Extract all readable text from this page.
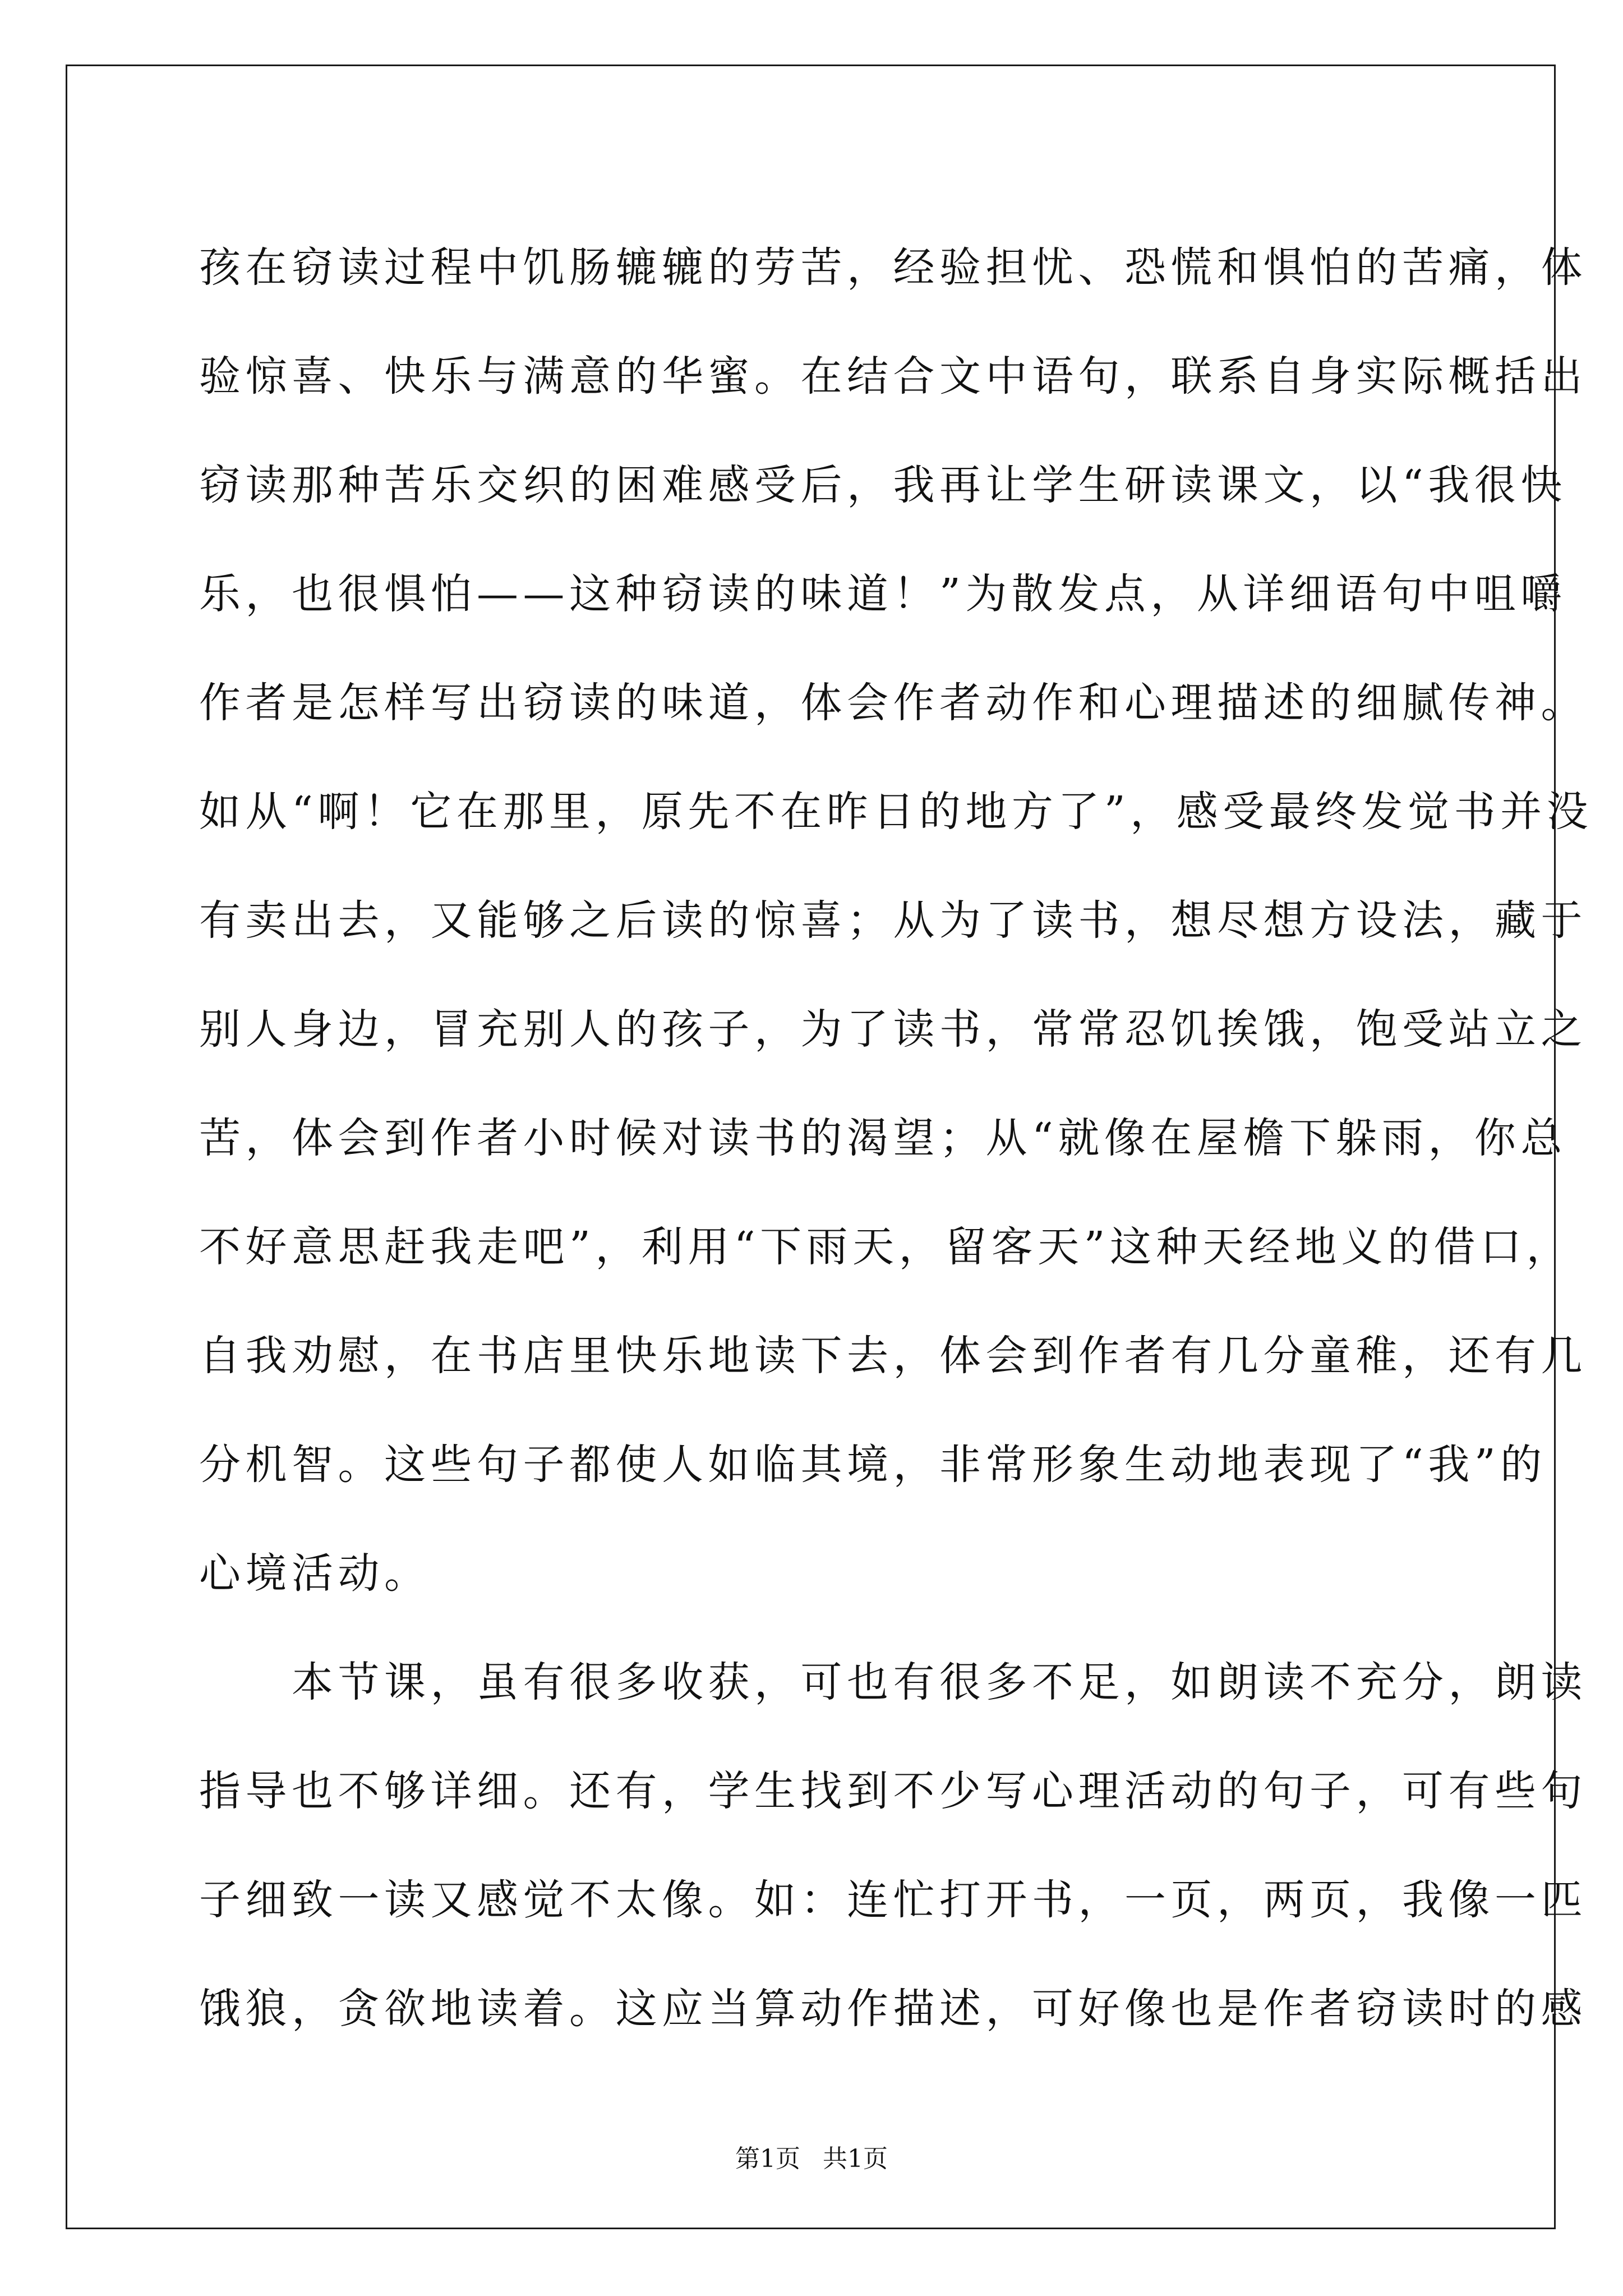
孩在窃读过程中饥肠辘辘的劳苦，经验担忧、恐慌和惧怕的苦痛，体
验惊喜、快乐与满意的华蜜。在结合文中语句，联系自身实际概括出
窃读那种苦乐交织的困难感受后，我再让学生研读课文，以“我很快
乐，也很惧怕——这种窃读的味道！”为散发点，从详细语句中咀嚼
作者是怎样写出窃读的味道，体会作者动作和心理描述的细腻传神。
如从“啊！它在那里，原先不在昨日的地方了”，感受最终发觉书并没
有卖出去，又能够之后读的惊喜；从为了读书，想尽想方设法，藏于
别人身边，冒充别人的孩子，为了读书，常常忍饥挨饿，饱受站立之
苦，体会到作者小时候对读书的渴望；从“就像在屋檐下躲雨，你总
不好意思赶我走吧”，利用“下雨天，留客天”这种天经地义的借口，
自我劝慰，在书店里快乐地读下去，体会到作者有几分童稚，还有几
分机智。这些句子都使人如临其境，非常形象生动地表现了“我”的
心境活动。
　　本节课，虽有很多收获，可也有很多不足，如朗读不充分，朗读
指导也不够详细。还有，学生找到不少写心理活动的句子，可有些句
子细致一读又感觉不太像。如：连忙打开书，一页，两页，我像一匹
饿狼，贪欲地读着。这应当算动作描述，可好像也是作者窃读时的感
第1页 共1页
